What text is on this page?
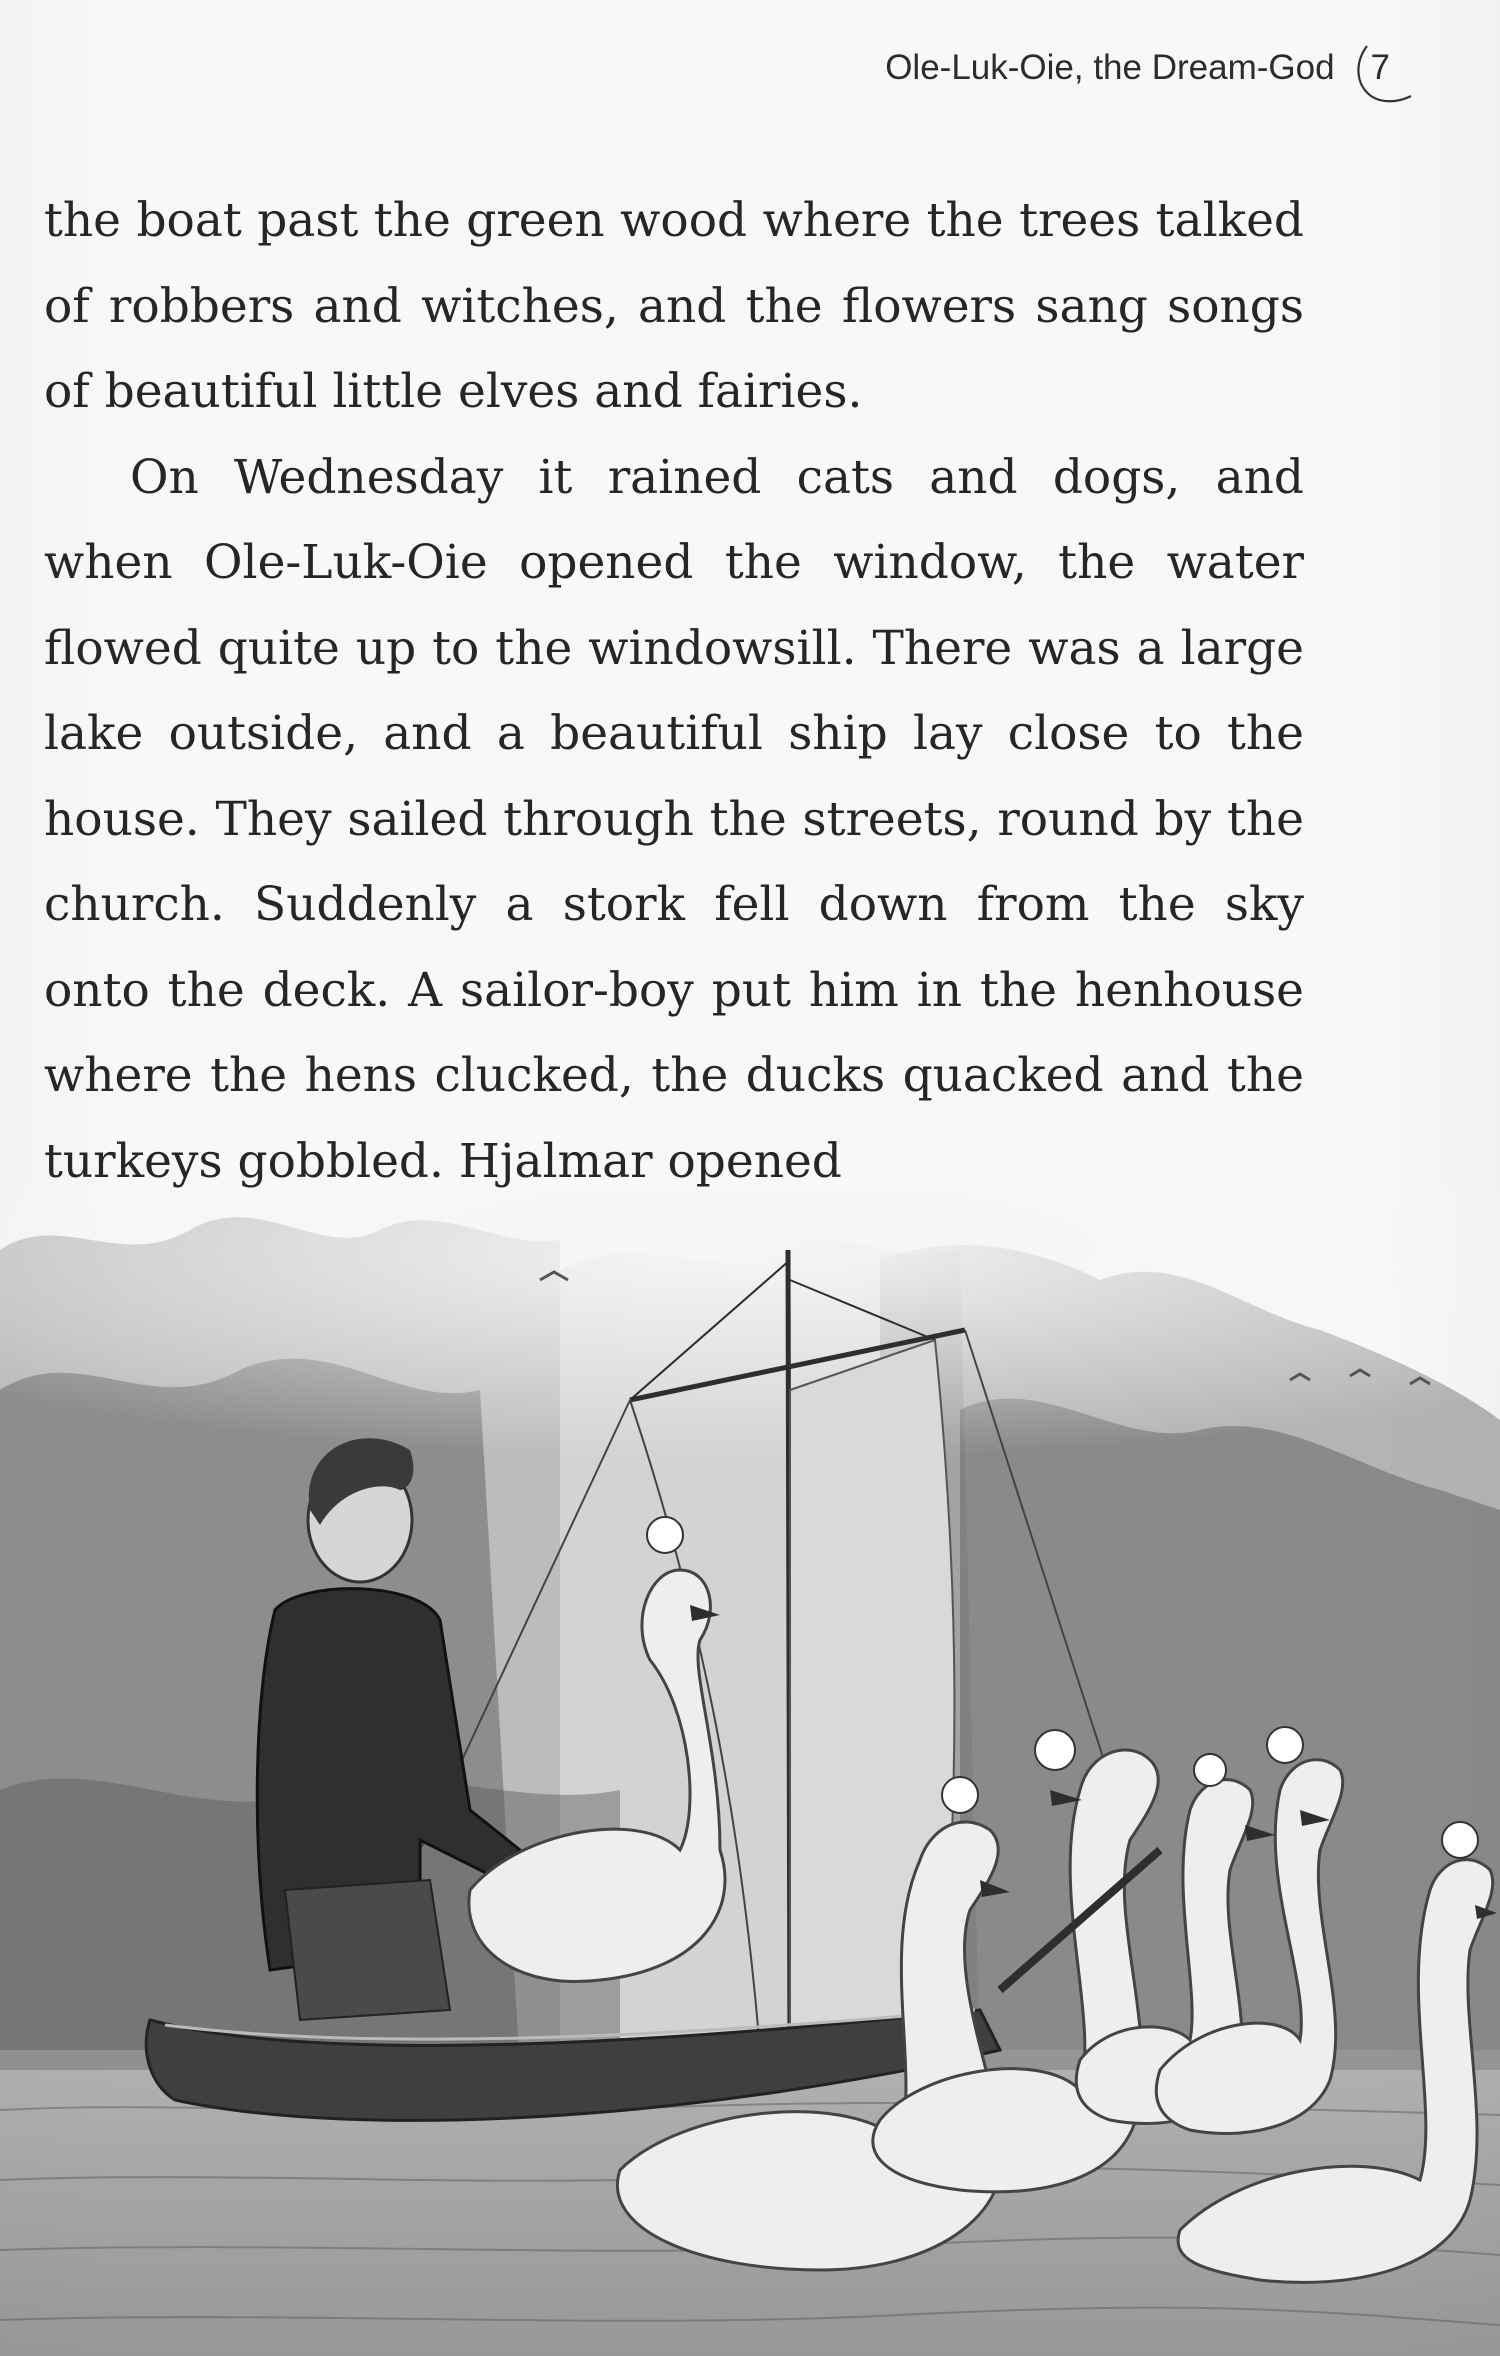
Ole-Luk-Oie, the Dream-God	7

the boat past the green wood where the trees talked of robbers and witches, and the flowers sang songs of beautiful little elves and fairies.

On Wednesday it rained cats and dogs, and when Ole-Luk-Oie opened the window, the water flowed quite up to the windowsill. There was a large lake outside, and a beautiful ship lay close to the house. They sailed through the streets, round by the church. Suddenly a stork fell down from the sky onto the deck. A sailor-boy put him in the henhouse where the hens clucked, the ducks quacked and the turkeys gobbled. Hjalmar opened
